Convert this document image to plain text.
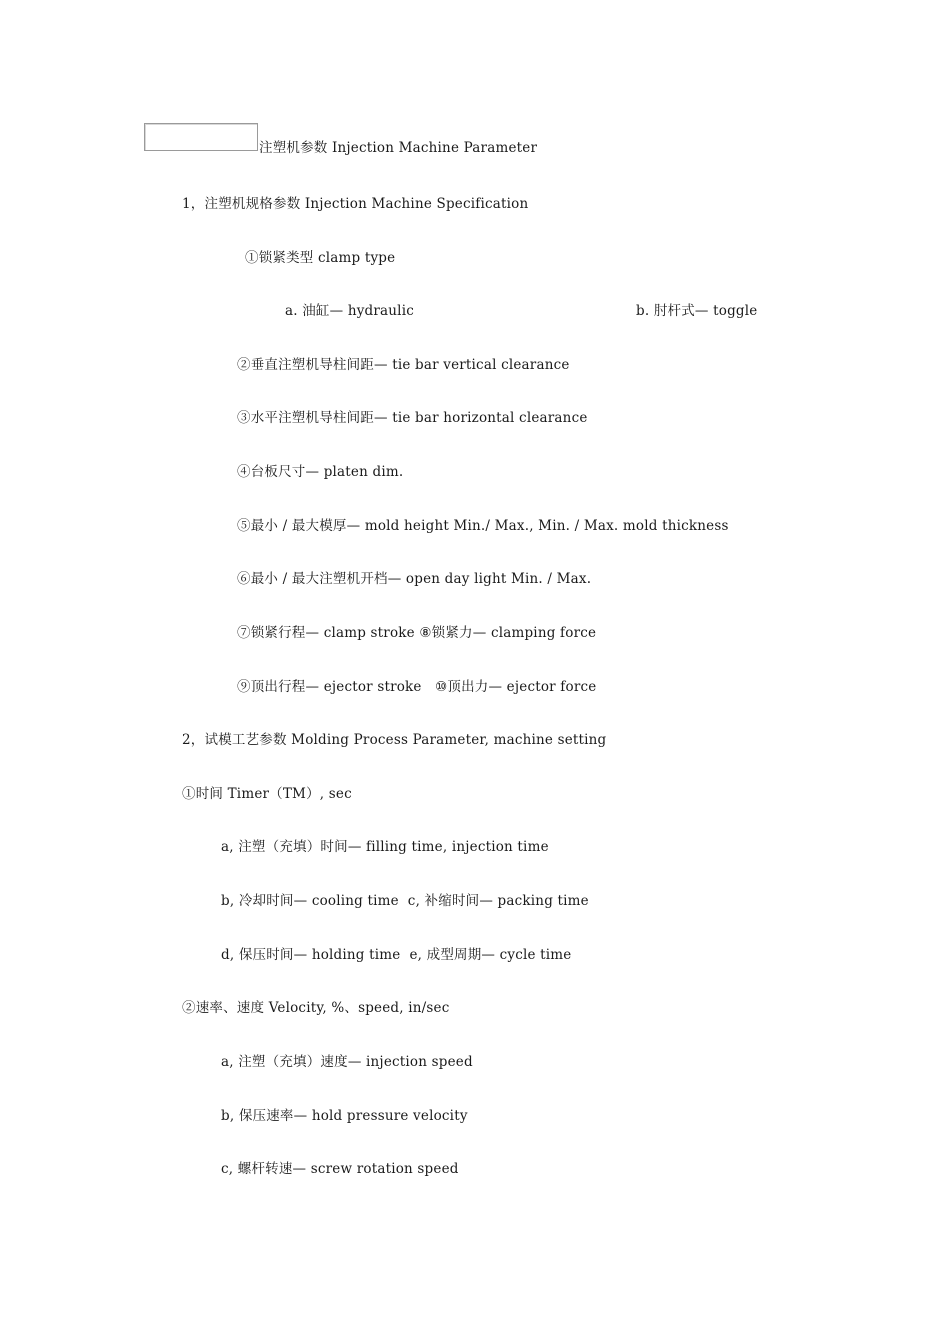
注塑机参数 Injection Machine Parameter
1，注塑机规格参数 Injection Machine Specification
①锁紧类型 clamp type
a. 油缸— hydraulic	b. 肘杆式— toggle
②垂直注塑机导柱间距— tie bar vertical clearance
③水平注塑机导柱间距— tie bar horizontal clearance
④台板尺寸— platen dim.
⑤最小 / 最大模厚— mold height Min./ Max., Min. / Max. mold thickness
⑥最小 / 最大注塑机开档— open day light Min. / Max.
⑦锁紧行程— clamp stroke ⑧锁紧力— clamping force
⑨顶出行程— ejector stroke   ⑩顶出力— ejector force
2，试模工艺参数 Molding Process Parameter, machine setting
①时间 Timer（TM）, sec
a, 注塑（充填）时间— filling time, injection time
b, 冷却时间— cooling time  c, 补缩时间— packing time
d, 保压时间— holding time  e, 成型周期— cycle time
②速率、速度 Velocity, %、speed, in/sec
a, 注塑（充填）速度— injection speed
b, 保压速率— hold pressure velocity
c, 螺杆转速— screw rotation speed
